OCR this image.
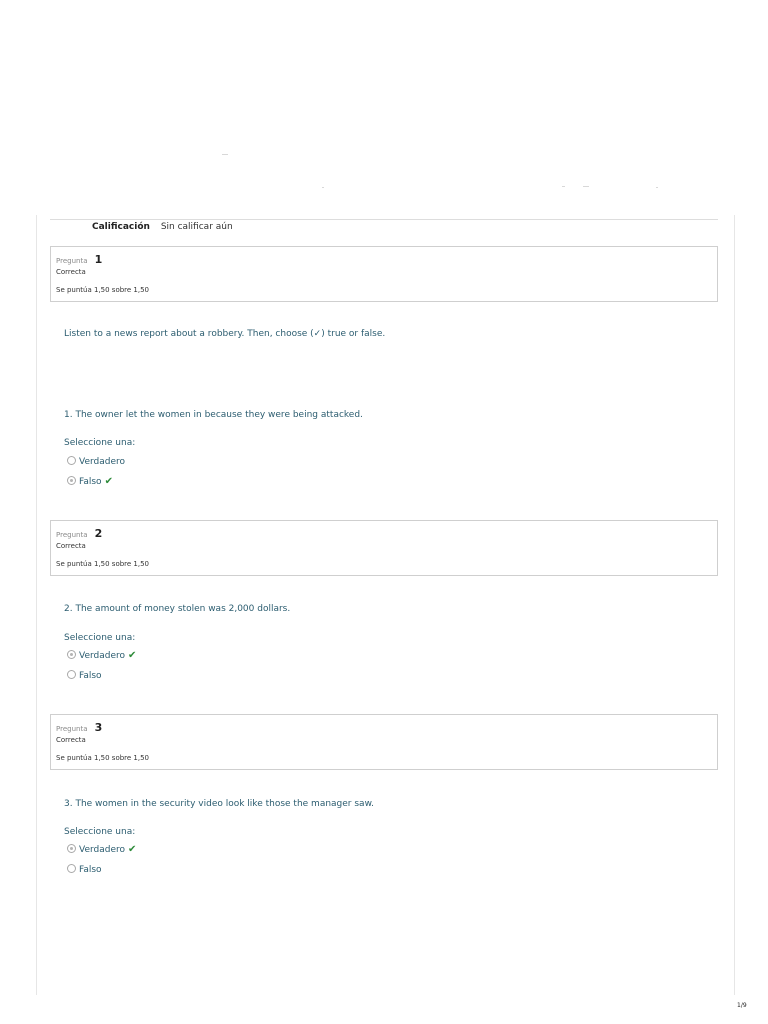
Calificación Sin calificar aún
Pregunta 1
Correcta
Se puntúa 1,50 sobre 1,50
Listen to a news report about a robbery. Then, choose (✓) true or false.
1. The owner let the women in because they were being attacked.
Seleccione una:
Verdadero
Falso ✔
Pregunta 2
Correcta
Se puntúa 1,50 sobre 1,50
2. The amount of money stolen was 2,000 dollars.
Seleccione una:
Verdadero ✔
Falso
Pregunta 3
Correcta
Se puntúa 1,50 sobre 1,50
3. The women in the security video look like those the manager saw.
Seleccione una:
Verdadero ✔
Falso
1/9
